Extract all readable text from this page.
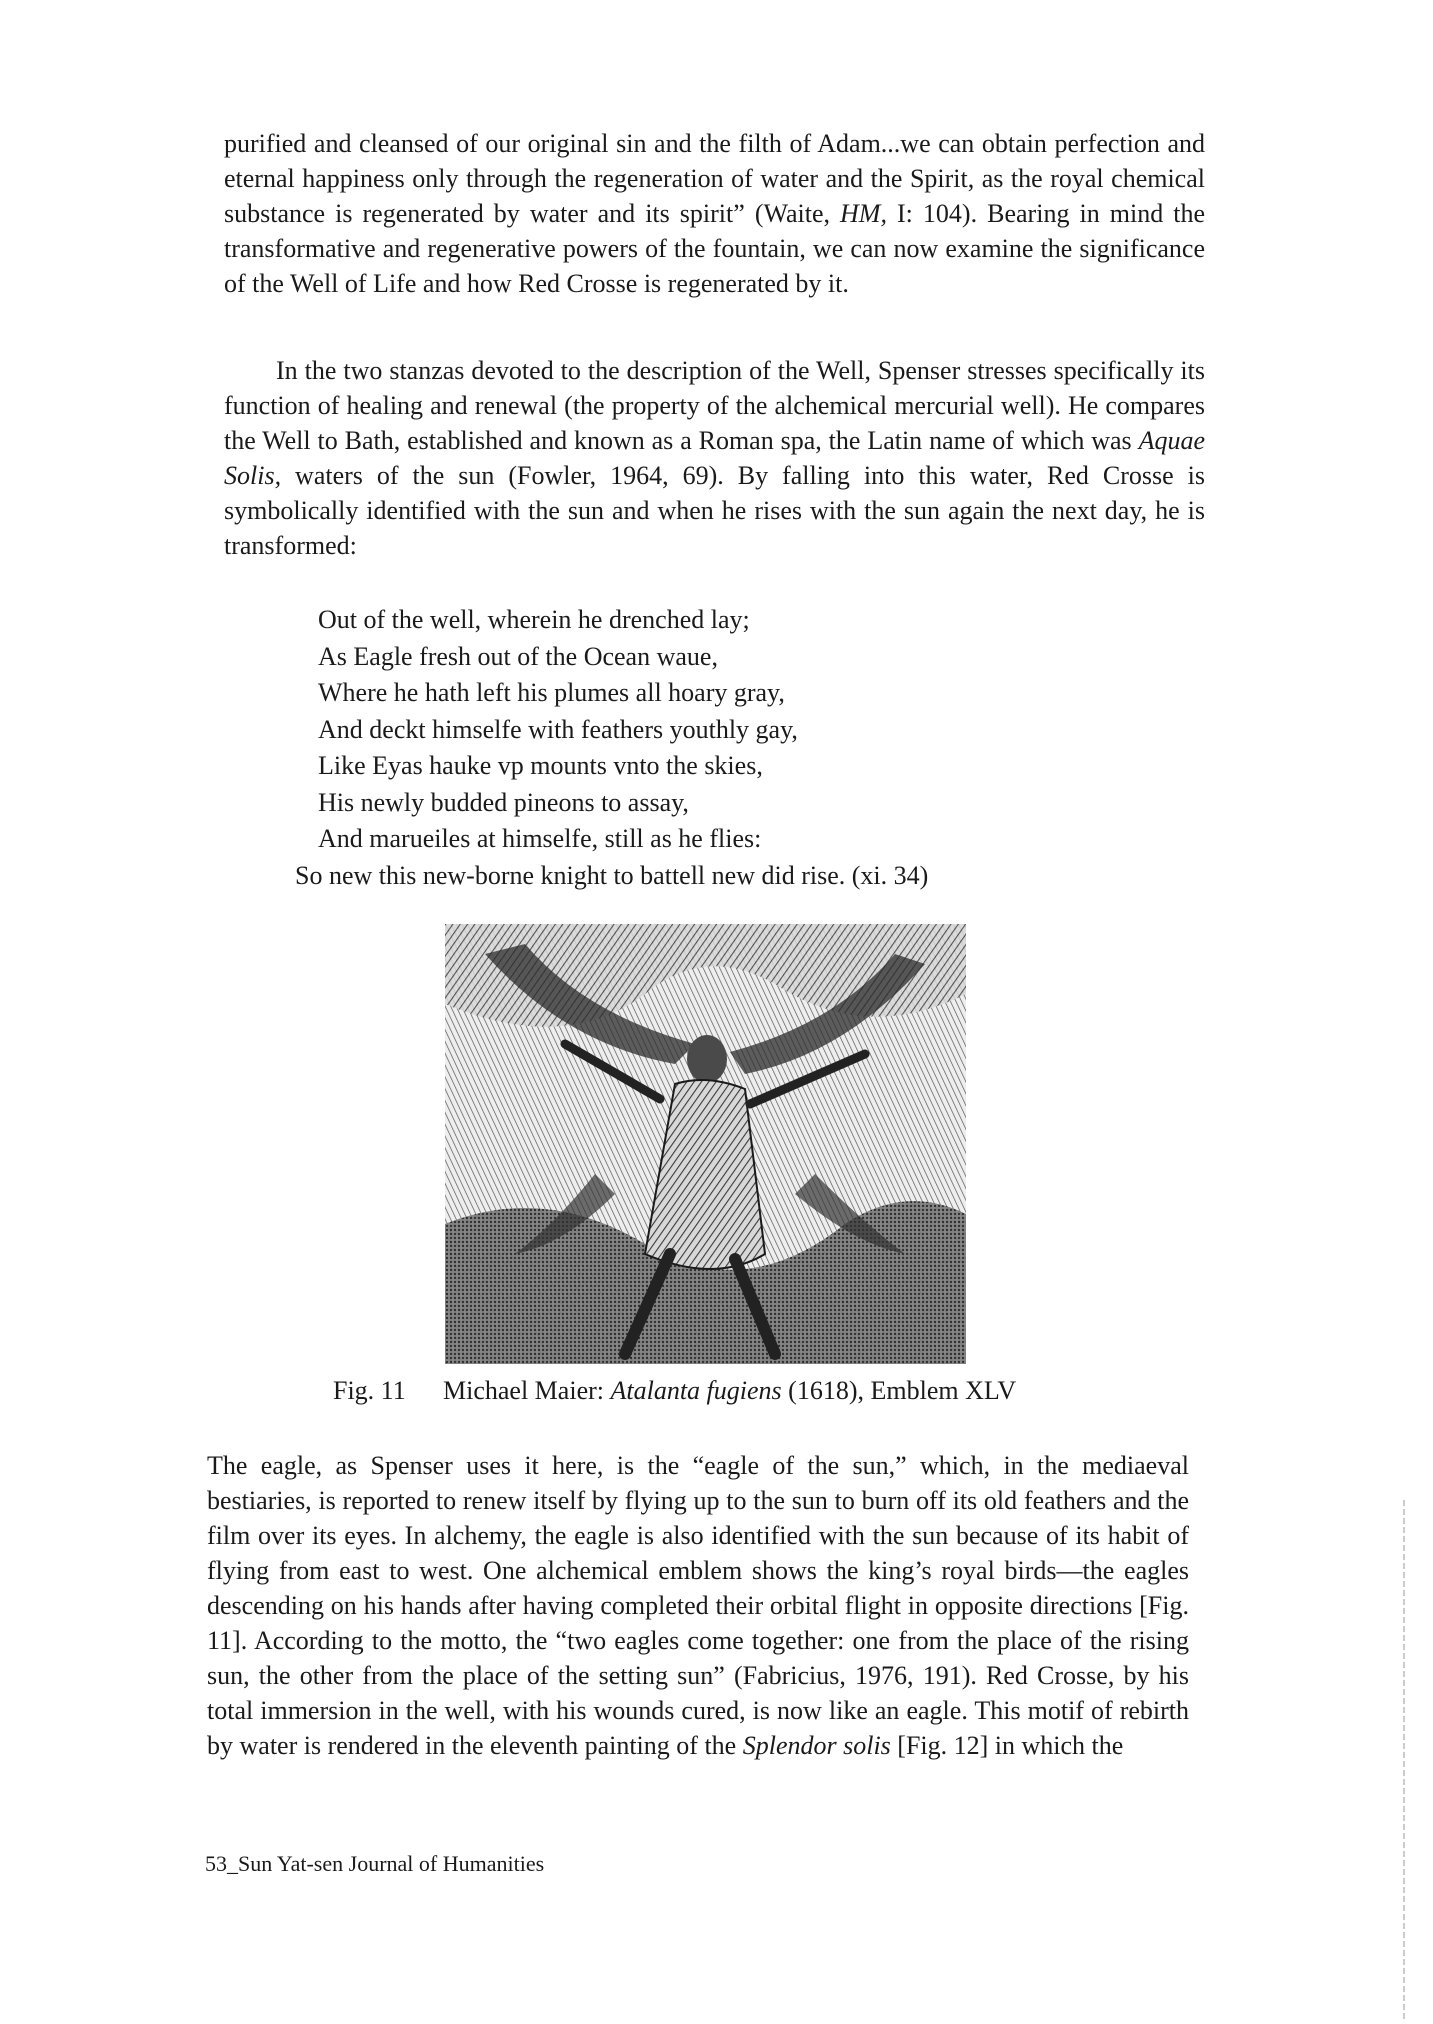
purified and cleansed of our original sin and the filth of Adam...we can obtain perfection and eternal happiness only through the regeneration of water and the Spirit, as the royal chemical substance is regenerated by water and its spirit” (Waite, HM, I: 104). Bearing in mind the transformative and regenerative powers of the fountain, we can now examine the significance of the Well of Life and how Red Crosse is regenerated by it.

In the two stanzas devoted to the description of the Well, Spenser stresses specifically its function of healing and renewal (the property of the alchemical mercurial well). He compares the Well to Bath, established and known as a Roman spa, the Latin name of which was Aquae Solis, waters of the sun (Fowler, 1964, 69). By falling into this water, Red Crosse is symbolically identified with the sun and when he rises with the sun again the next day, he is transformed:

Out of the well, wherein he drenched lay;
As Eagle fresh out of the Ocean waue,
Where he hath left his plumes all hoary gray,
And deckt himselfe with feathers youthly gay,
Like Eyas hauke vp mounts vnto the skies,
His newly budded pineons to assay,
And marueiles at himselfe, still as he flies:
So new this new-borne knight to battell new did rise. (xi. 34)
Fig. 11 Michael Maier: Atalanta fugiens (1618), Emblem XLV

The eagle, as Spenser uses it here, is the “eagle of the sun,” which, in the mediaeval bestiaries, is reported to renew itself by flying up to the sun to burn off its old feathers and the film over its eyes. In alchemy, the eagle is also identified with the sun because of its habit of flying from east to west. One alchemical emblem shows the king’s royal birds—the eagles descending on his hands after having completed their orbital flight in opposite directions [Fig. 11]. According to the motto, the “two eagles come together: one from the place of the rising sun, the other from the place of the setting sun” (Fabricius, 1976, 191). Red Crosse, by his total immersion in the well, with his wounds cured, is now like an eagle. This motif of rebirth by water is rendered in the eleventh painting of the Splendor solis [Fig. 12] in which the

53_Sun Yat-sen Journal of Humanities
